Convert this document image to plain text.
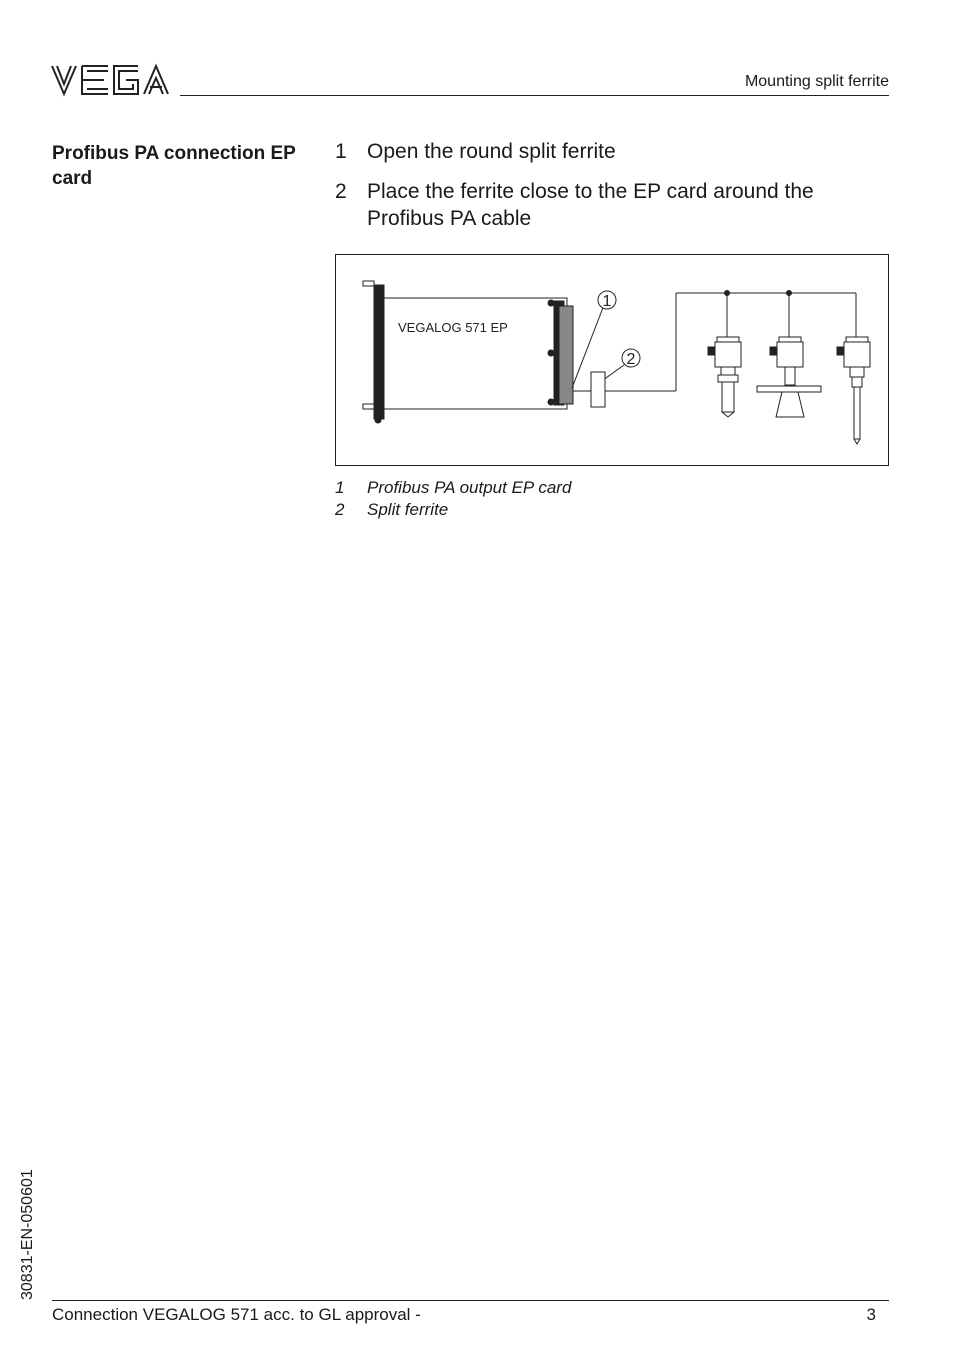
Mounting split ferrite
Profibus PA connection EP card
1 Open the round split ferrite
2 Place the ferrite close to the EP card around the Profibus PA cable
VEGALOG 571 EP
1
2
1	Profibus PA output EP card
2	Split ferrite
30831-EN-050601
Connection VEGALOG 571 acc. to GL approval -	3
